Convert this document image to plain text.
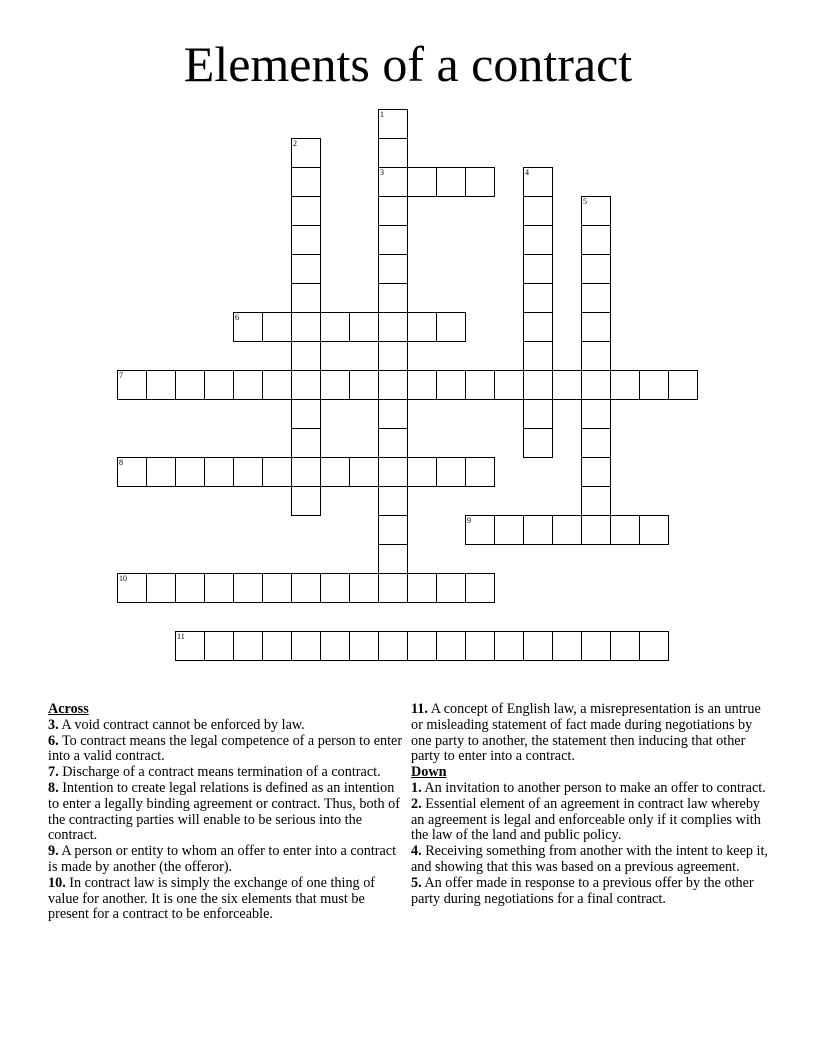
Elements of a contract
1
3
2
4
5
6
7
8
9
10
11
Across
3. A void contract cannot be enforced by law.
6. To contract means the legal competence of a person to enter into a valid contract.
7. Discharge of a contract means termination of a contract.
8. Intention to create legal relations is defined as an intention to enter a legally binding agreement or contract. Thus, both of the contracting parties will enable to be serious into the contract.
9. A person or entity to whom an offer to enter into a contract is made by another (the offeror).
10. In contract law is simply the exchange of one thing of value for another. It is one the six elements that must be present for a contract to be enforceable.
11. A concept of English law, a misrepresentation is an untrue or misleading statement of fact made during negotiations by one party to another, the statement then inducing that other party to enter into a contract.
Down
1. An invitation to another person to make an offer to contract.
2. Essential element of an agreement in contract law whereby an agreement is legal and enforceable only if it complies with the law of the land and public policy.
4. Receiving something from another with the intent to keep it, and showing that this was based on a previous agreement.
5. An offer made in response to a previous offer by the other party during negotiations for a final contract.
